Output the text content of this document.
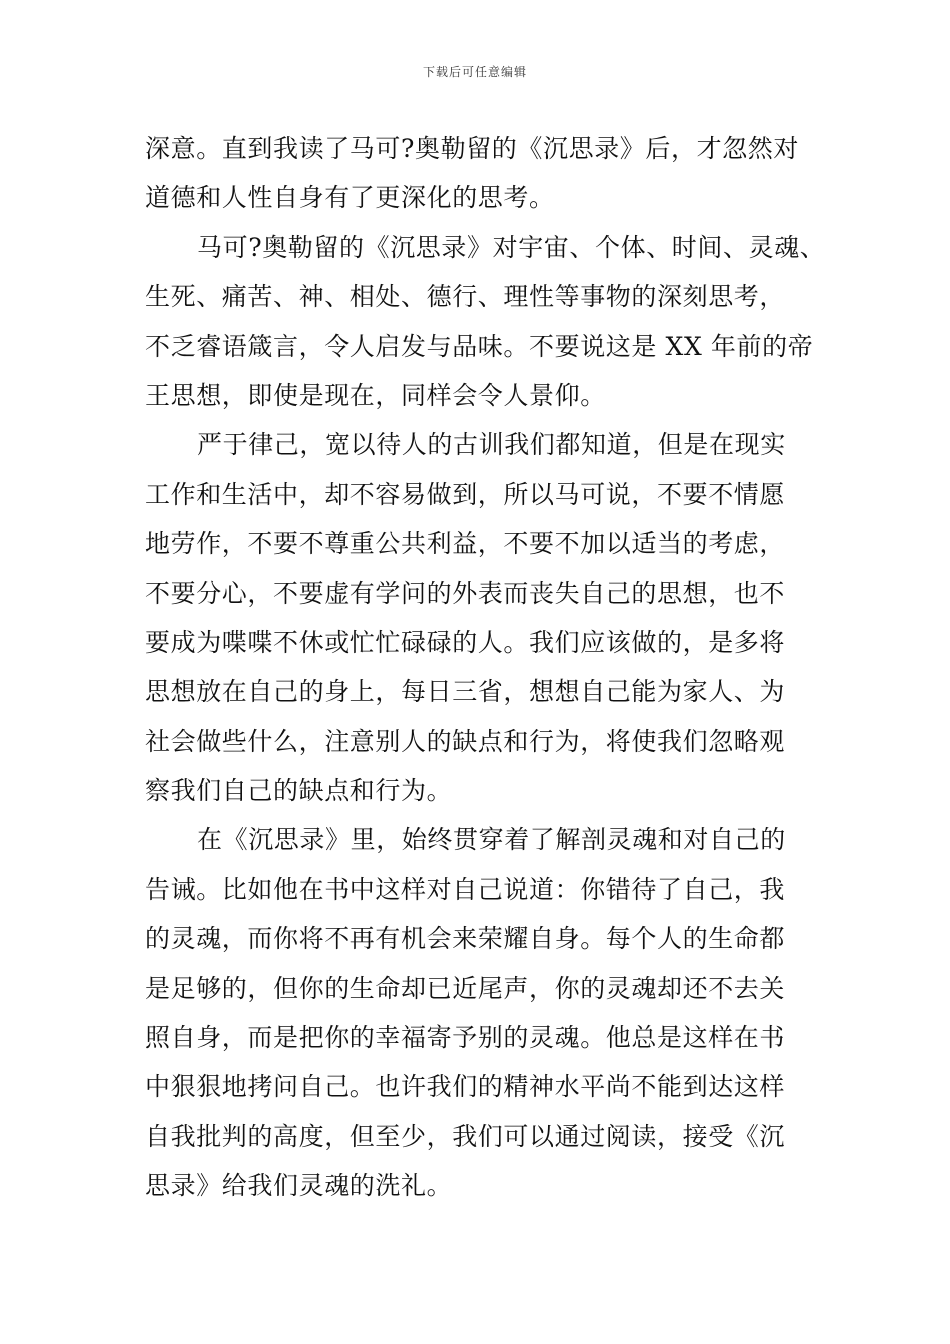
下载后可任意编辑
深意。直到我读了马可?奥勒留的《沉思录》后，才忽然对
道德和人性自身有了更深化的思考。
马可?奥勒留的《沉思录》对宇宙、个体、时间、灵魂、
生死、痛苦、神、相处、德行、理性等事物的深刻思考，
不乏睿语箴言，令人启发与品味。不要说这是 XX 年前的帝
王思想，即使是现在，同样会令人景仰。
严于律己，宽以待人的古训我们都知道，但是在现实
工作和生活中，却不容易做到，所以马可说，不要不情愿
地劳作，不要不尊重公共利益，不要不加以适当的考虑，
不要分心，不要虚有学问的外表而丧失自己的思想，也不
要成为喋喋不休或忙忙碌碌的人。我们应该做的，是多将
思想放在自己的身上，每日三省，想想自己能为家人、为
社会做些什么，注意别人的缺点和行为，将使我们忽略观
察我们自己的缺点和行为。
在《沉思录》里，始终贯穿着了解剖灵魂和对自己的
告诫。比如他在书中这样对自己说道：你错待了自己，我
的灵魂，而你将不再有机会来荣耀自身。每个人的生命都
是足够的，但你的生命却已近尾声，你的灵魂却还不去关
照自身，而是把你的幸福寄予别的灵魂。他总是这样在书
中狠狠地拷问自己。也许我们的精神水平尚不能到达这样
自我批判的高度，但至少，我们可以通过阅读，接受《沉
思录》给我们灵魂的洗礼。
